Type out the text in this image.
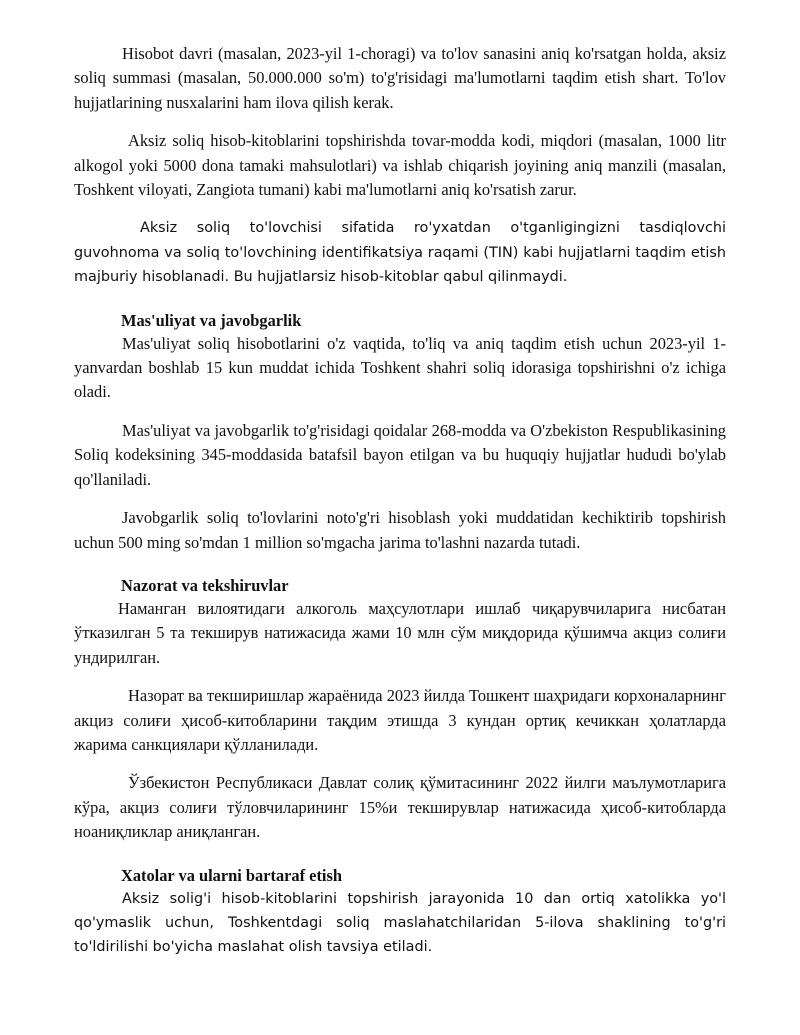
Hisobot davri (masalan, 2023-yil 1-choragi) va to'lov sanasini aniq ko'rsatgan holda, aksiz soliq summasi (masalan, 50.000.000 so'm) to'g'risidagi ma'lumotlarni taqdim etish shart. To'lov hujjatlarining nusxalarini ham ilova qilish kerak.

Aksiz soliq hisob-kitoblarini topshirishda tovar-modda kodi, miqdori (masalan, 1000 litr alkogol yoki 5000 dona tamaki mahsulotlari) va ishlab chiqarish joyining aniq manzili (masalan, Toshkent viloyati, Zangiota tumani) kabi ma'lumotlarni aniq ko'rsatish zarur.

Aksiz soliq to'lovchisi sifatida ro'yxatdan o'tganligingizni tasdiqlovchi guvohnoma va soliq to'lovchining identifikatsiya raqami (TIN) kabi hujjatlarni taqdim etish majburiy hisoblanadi. Bu hujjatlarsiz hisob-kitoblar qabul qilinmaydi.

Mas'uliyat va javobgarlik

Mas'uliyat soliq hisobotlarini o'z vaqtida, to'liq va aniq taqdim etish uchun 2023-yil 1-yanvardan boshlab 15 kun muddat ichida Toshkent shahri soliq idorasiga topshirishni o'z ichiga oladi.

Mas'uliyat va javobgarlik to'g'risidagi qoidalar 268-modda va O'zbekiston Respublikasining Soliq kodeksining 345-moddasida batafsil bayon etilgan va bu huquqiy hujjatlar hududi bo'ylab qo'llaniladi.

Javobgarlik soliq to'lovlarini noto'g'ri hisoblash yoki muddatidan kechiktirib topshirish uchun 500 ming so'mdan 1 million so'mgacha jarima to'lashni nazarda tutadi.

Nazorat va tekshiruvlar

Наманган вилоятидаги алкоголь маҳсулотлари ишлаб чиқарувчиларига нисбатан ўтказилган 5 та текширув натижасида жами 10 млн сўм миқдорида қўшимча акциз солиғи ундирилган.

Назорат ва текширишлар жараёнида 2023 йилда Тошкент шаҳридаги корхоналарнинг акциз солиғи ҳисоб-китобларини тақдим этишда 3 кундан ортиқ кечиккан ҳолатларда жарима санкциялари қўлланилади.

Ўзбекистон Республикаси Давлат солиқ қўмитасининг 2022 йилги маълумотларига кўра, акциз солиғи тўловчиларининг 15%и текширувлар натижасида ҳисоб-китобларда ноаниқликлар аниқланган.

Xatolar va ularni bartaraf etish

Aksiz solig'i hisob-kitoblarini topshirish jarayonida 10 dan ortiq xatolikka yo'l qo'ymaslik uchun, Toshkentdagi soliq maslahatchilaridan 5-ilova shaklining to'g'ri to'ldirilishi bo'yicha maslahat olish tavsiya etiladi.
